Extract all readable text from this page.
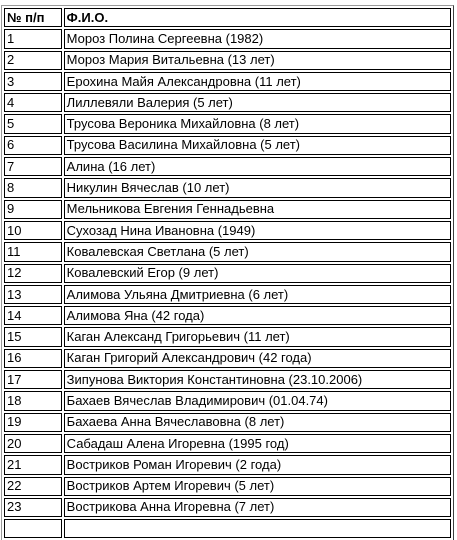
№ п/п	Ф.И.О.
1	Мороз Полина Сергеевна (1982)
2	Мороз Мария Витальевна (13 лет)
3	Ерохина Майя Александровна (11 лет)
4	Лиллевяли Валерия (5 лет)
5	Трусова Вероника Михайловна (8 лет)
6	Трусова Василина Михайловна (5 лет)
7	Алина (16 лет)
8	Никулин Вячеслав (10 лет)
9	Мельникова Евгения Геннадьевна
10	Сухозад Нина Ивановна (1949)
11	Ковалевская Светлана (5 лет)
12	Ковалевский Егор (9 лет)
13	Алимова Ульяна Дмитриевна (6 лет)
14	Алимова Яна (42 года)
15	Каган Александ Григорьевич (11 лет)
16	Каган Григорий Александрович (42 года)
17	Зипунова Виктория Константиновна (23.10.2006)
18	Бахаев Вячеслав Владимирович (01.04.74)
19	Бахаева Анна Вячеславовна (8 лет)
20	Сабадаш Алена Игоревна (1995 год)
21	Востриков Роман Игоревич (2 года)
22	Востриков Артем Игоревич (5 лет)
23	Вострикова Анна Игоревна (7 лет)
